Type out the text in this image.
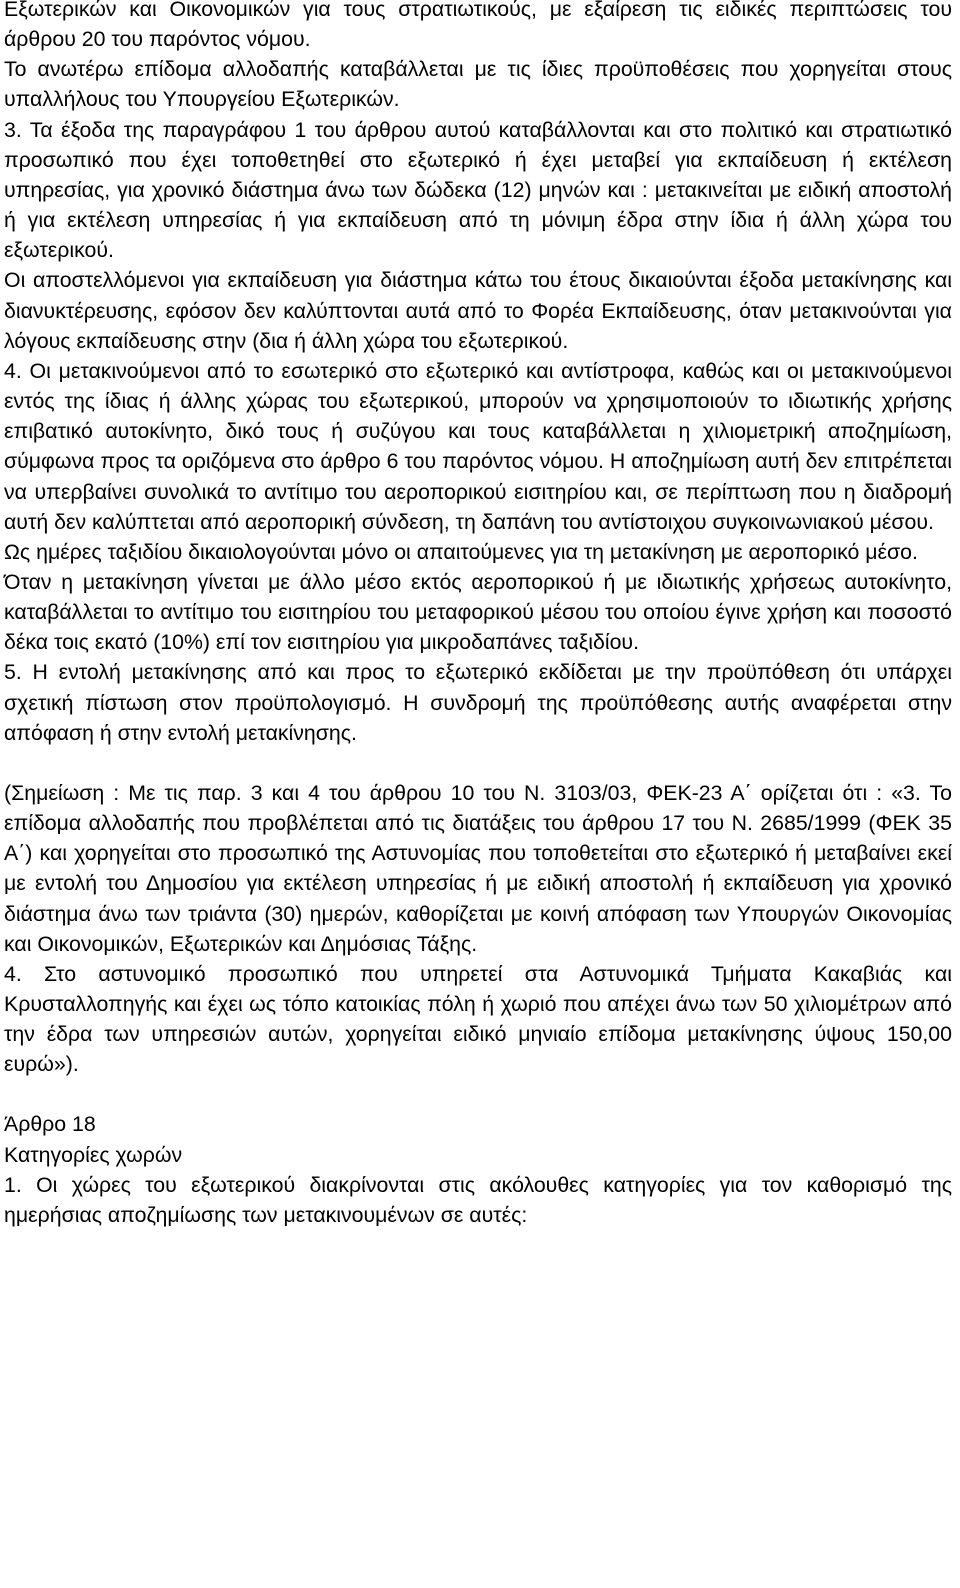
Εξωτερικών και Οικονομικών για τους στρατιωτικούς, με εξαίρεση τις ειδικές περιπτώσεις του άρθρου 20 του παρόντος νόμου.

Το ανωτέρω επίδομα αλλοδαπής καταβάλλεται με τις ίδιες προϋποθέσεις που χορηγείται στους υπαλλήλους του Υπουργείου Εξωτερικών.

3. Τα έξοδα της παραγράφου 1 του άρθρου αυτού καταβάλλονται και στο πολιτικό και στρατιωτικό προσωπικό που έχει τοποθετηθεί στο εξωτερικό ή έχει μεταβεί για εκπαίδευση ή εκτέλεση υπηρεσίας, για χρονικό διάστημα άνω των δώδεκα (12) μηνών και : μετακινείται με ειδική αποστολή ή για εκτέλεση υπηρεσίας ή για εκπαίδευση από τη μόνιμη έδρα στην ίδια ή άλλη χώρα του εξωτερικού.

Οι αποστελλόμενοι για εκπαίδευση για διάστημα κάτω του έτους δικαιούνται έξοδα μετακίνησης και διανυκτέρευσης, εφόσον δεν καλύπτονται αυτά από το Φορέα Εκπαίδευσης, όταν μετακινούνται για λόγους εκπαίδευσης στην (δια ή άλλη χώρα του εξωτερικού.

4. Οι μετακινούμενοι από το εσωτερικό στο εξωτερικό και αντίστροφα, καθώς και οι μετακινούμενοι εντός της ίδιας ή άλλης χώρας του εξωτερικού, μπορούν να χρησιμοποιούν το ιδιωτικής χρήσης επιβατικό αυτοκίνητο, δικό τους ή συζύγου και τους καταβάλλεται η χιλιομετρική αποζημίωση, σύμφωνα προς τα οριζόμενα στο άρθρο 6 του παρόντος νόμου. Η αποζημίωση αυτή δεν επιτρέπεται να υπερβαίνει συνολικά το αντίτιμο του αεροπορικού εισιτηρίου και, σε περίπτωση που η διαδρομή αυτή δεν καλύπτεται από αεροπορική σύνδεση, τη δαπάνη του αντίστοιχου συγκοινωνιακού μέσου.

Ως ημέρες ταξιδίου δικαιολογούνται μόνο οι απαιτούμενες για τη μετακίνηση με αεροπορικό μέσο.

Όταν η μετακίνηση γίνεται με άλλο μέσο εκτός αεροπορικού ή με ιδιωτικής χρήσεως αυτοκίνητο, καταβάλλεται το αντίτιμο του εισιτηρίου του μεταφορικού μέσου του οποίου έγινε χρήση και ποσοστό δέκα τοις εκατό (10%) επί τον εισιτηρίου για μικροδαπάνες ταξιδίου.

5. Η εντολή μετακίνησης από και προς το εξωτερικό εκδίδεται με την προϋπόθεση ότι υπάρχει σχετική πίστωση στον προϋπολογισμό. Η συνδρομή της προϋπόθεσης αυτής αναφέρεται στην απόφαση ή στην εντολή μετακίνησης.

(Σημείωση : Με τις παρ. 3 και 4 του άρθρου 10 του Ν. 3103/03, ΦΕΚ-23 Α΄ ορίζεται ότι : «3. Το επίδομα αλλοδαπής που προβλέπεται από τις διατάξεις του άρθρου 17 του Ν. 2685/1999 (ΦΕΚ 35 Α΄) και χορηγείται στο προσωπικό της Αστυνομίας που τοποθετείται στο εξωτερικό ή μεταβαίνει εκεί με εντολή του Δημοσίου για εκτέλεση υπηρεσίας ή με ειδική αποστολή ή εκπαίδευση για χρονικό διάστημα άνω των τριάντα (30) ημερών, καθορίζεται με κοινή απόφαση των Υπουργών Οικονομίας και Οικονομικών, Εξωτερικών και Δημόσιας Τάξης.

4. Στο αστυνομικό προσωπικό που υπηρετεί στα Αστυνομικά Τμήματα Κακαβιάς και Κρυσταλλοπηγής και έχει ως τόπο κατοικίας πόλη ή χωριό που απέχει άνω των 50 χιλιομέτρων από την έδρα των υπηρεσιών αυτών, χορηγείται ειδικό μηνιαίο επίδομα μετακίνησης ύψους 150,00 ευρώ»).

Άρθρο 18

Κατηγορίες χωρών

1. Οι χώρες του εξωτερικού διακρίνονται στις ακόλουθες κατηγορίες για τον καθορισμό της ημερήσιας αποζημίωσης των μετακινουμένων σε αυτές:
